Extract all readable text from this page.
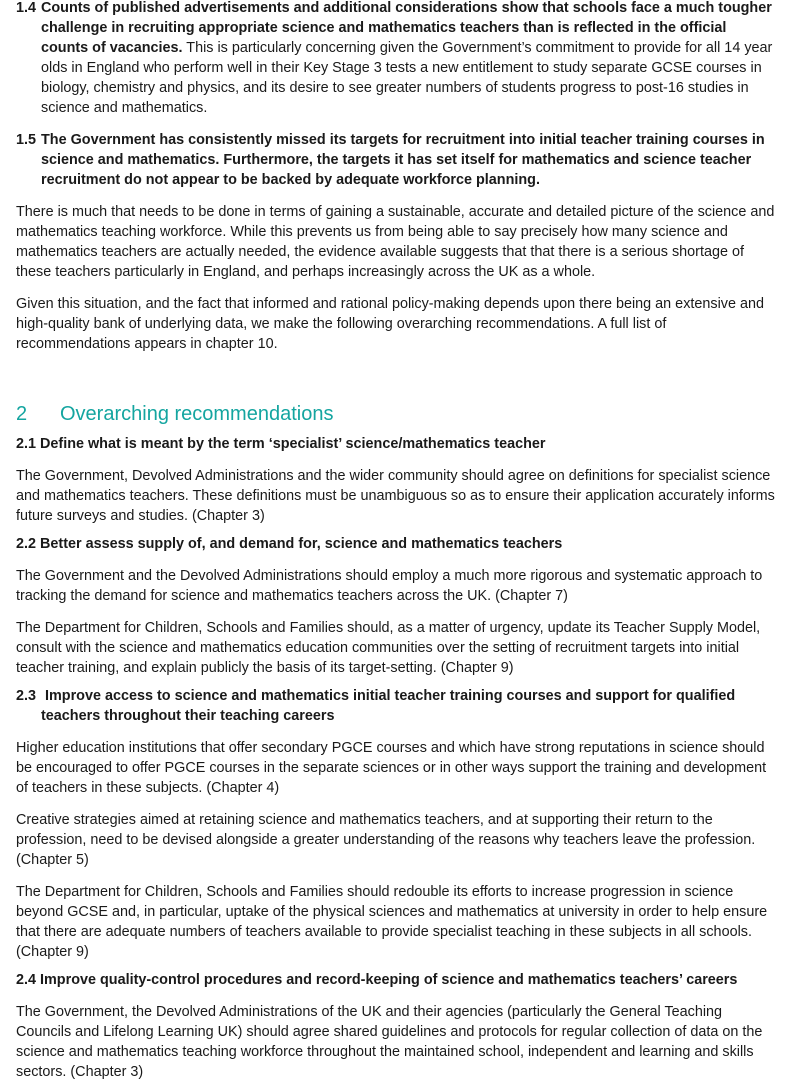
1.4 Counts of published advertisements and additional considerations show that schools face a much tougher challenge in recruiting appropriate science and mathematics teachers than is reflected in the official counts of vacancies. This is particularly concerning given the Government’s commitment to provide for all 14 year olds in England who perform well in their Key Stage 3 tests a new entitlement to study separate GCSE courses in biology, chemistry and physics, and its desire to see greater numbers of students progress to post-16 studies in science and mathematics.

1.5 The Government has consistently missed its targets for recruitment into initial teacher training courses in science and mathematics. Furthermore, the targets it has set itself for mathematics and science teacher recruitment do not appear to be backed by adequate workforce planning.

There is much that needs to be done in terms of gaining a sustainable, accurate and detailed picture of the science and mathematics teaching workforce. While this prevents us from being able to say precisely how many science and mathematics teachers are actually needed, the evidence available suggests that that there is a serious shortage of these teachers particularly in England, and perhaps increasingly across the UK as a whole.

Given this situation, and the fact that informed and rational policy-making depends upon there being an extensive and high-quality bank of underlying data, we make the following overarching recommendations. A full list of recommendations appears in chapter 10.

2 Overarching recommendations

2.1 Define what is meant by the term ‘specialist’ science/mathematics teacher

The Government, Devolved Administrations and the wider community should agree on definitions for specialist science and mathematics teachers. These definitions must be unambiguous so as to ensure their application accurately informs future surveys and studies. (Chapter 3)

2.2 Better assess supply of, and demand for, science and mathematics teachers

The Government and the Devolved Administrations should employ a much more rigorous and systematic approach to tracking the demand for science and mathematics teachers across the UK. (Chapter 7)

The Department for Children, Schools and Families should, as a matter of urgency, update its Teacher Supply Model, consult with the science and mathematics education communities over the setting of recruitment targets into initial teacher training, and explain publicly the basis of its target-setting. (Chapter 9)

2.3 Improve access to science and mathematics initial teacher training courses and support for qualified teachers throughout their teaching careers

Higher education institutions that offer secondary PGCE courses and which have strong reputations in science should be encouraged to offer PGCE courses in the separate sciences or in other ways support the training and development of teachers in these subjects. (Chapter 4)

Creative strategies aimed at retaining science and mathematics teachers, and at supporting their return to the profession, need to be devised alongside a greater understanding of the reasons why teachers leave the profession. (Chapter 5)

The Department for Children, Schools and Families should redouble its efforts to increase progression in science beyond GCSE and, in particular, uptake of the physical sciences and mathematics at university in order to help ensure that there are adequate numbers of teachers available to provide specialist teaching in these subjects in all schools. (Chapter 9)

2.4 Improve quality-control procedures and record-keeping of science and mathematics teachers’ careers

The Government, the Devolved Administrations of the UK and their agencies (particularly the General Teaching Councils and Lifelong Learning UK) should agree shared guidelines and protocols for regular collection of data on the science and mathematics teaching workforce throughout the maintained school, independent and learning and skills sectors. (Chapter 3)
